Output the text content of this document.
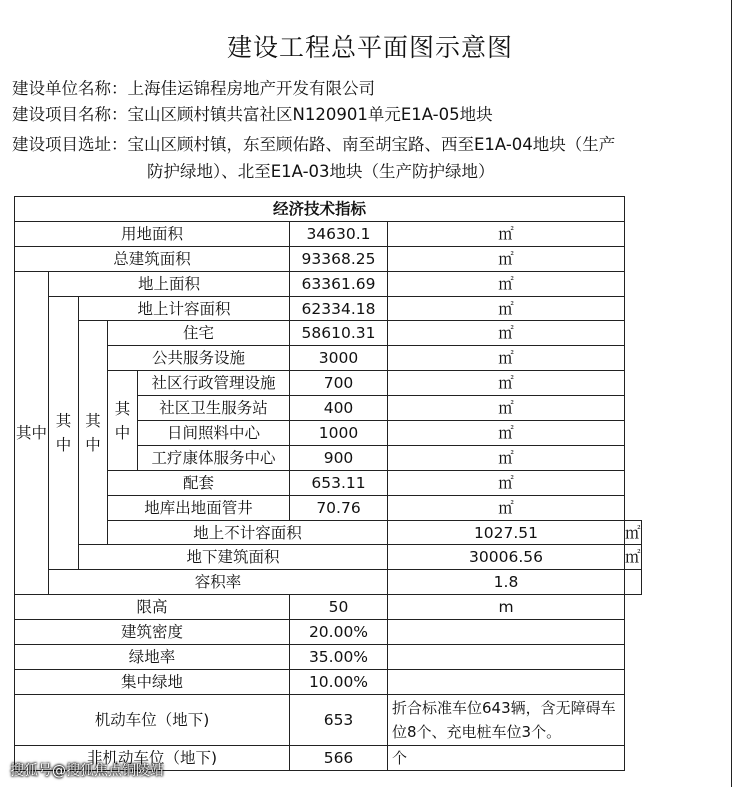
建设工程总平面图示意图
建设单位名称：上海佳运锦程房地产开发有限公司
建设项目名称：宝山区顾村镇共富社区N120901单元E1A-05地块
建设项目选址：宝山区顾村镇，东至顾佑路、南至胡宝路、西至E1A-04地块（生产
防护绿地）、北至E1A-03地块（生产防护绿地）
经济技术指标							
用地面积					34630.1	㎡	
总建筑面积					93368.25	㎡	
其中	地上面积				63361.69	㎡	
	其中	地上计容面积			62334.18	㎡	
		其中	住宅		58610.31	㎡	
			公共服务设施		3000	㎡	
			其中	社区行政管理设施	700	㎡	
				社区卫生服务站	400	㎡	
				日间照料中心	1000	㎡	
				工疗康体服务中心	900	㎡	
			配套		653.11	㎡	
			地库出地面管井		70.76	㎡	
			地上不计容面积			1027.51	㎡
		地下建筑面积				30006.56	㎡
	容积率					1.8	
限高					50	m	
建筑密度					20.00%		
绿地率					35.00%		
集中绿地					10.00%		
机动车位（地下)					653	折合标准车位643辆，含无障碍车位8个、充电桩车位3个。	
非机动车位（地下)					566	个	
搜狐号@搜狐焦点铜陵站
